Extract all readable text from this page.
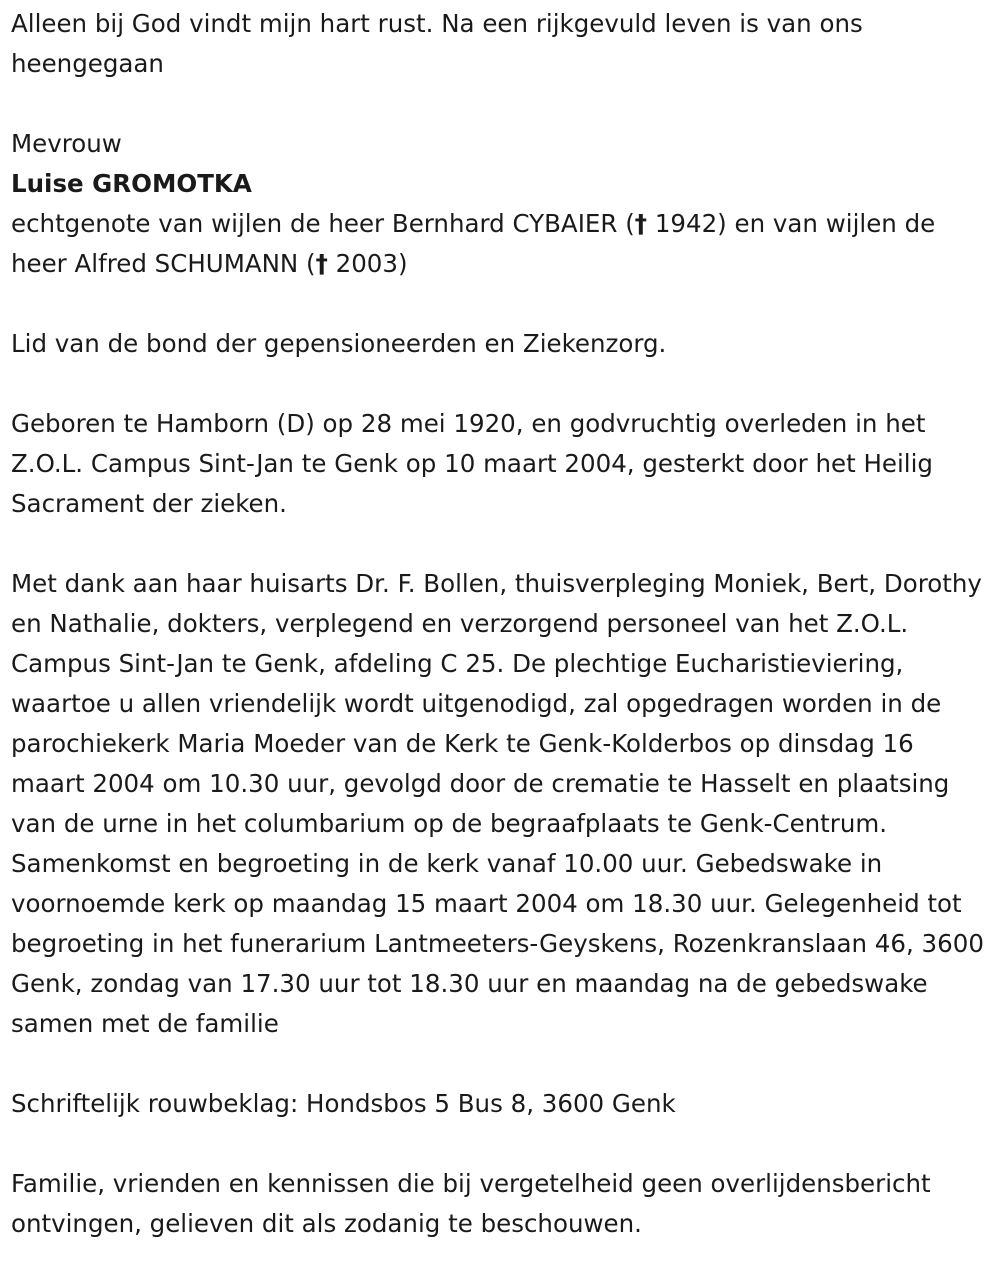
Alleen bij God vindt mijn hart rust. Na een rijkgevuld leven is van ons heengegaan

Mevrouw

Luise GROMOTKA

echtgenote van wijlen de heer Bernhard CYBAIER († 1942) en van wijlen de heer Alfred SCHUMANN († 2003)

Lid van de bond der gepensioneerden en Ziekenzorg.

Geboren te Hamborn (D) op 28 mei 1920, en godvruchtig overleden in het Z.O.L. Campus Sint-Jan te Genk op 10 maart 2004, gesterkt door het Heilig Sacrament der zieken.

Met dank aan haar huisarts Dr. F. Bollen, thuisverpleging Moniek, Bert, Dorothy en Nathalie, dokters, verplegend en verzorgend personeel van het Z.O.L. Campus Sint-Jan te Genk, afdeling C 25. De plechtige Eucharistieviering, waartoe u allen vriendelijk wordt uitgenodigd, zal opgedragen worden in de parochiekerk Maria Moeder van de Kerk te Genk-Kolderbos op dinsdag 16 maart 2004 om 10.30 uur, gevolgd door de crematie te Hasselt en plaatsing van de urne in het columbarium op de begraafplaats te Genk-Centrum. Samenkomst en begroeting in de kerk vanaf 10.00 uur. Gebedswake in voornoemde kerk op maandag 15 maart 2004 om 18.30 uur. Gelegenheid tot begroeting in het funerarium Lantmeeters-Geyskens, Rozenkranslaan 46, 3600 Genk, zondag van 17.30 uur tot 18.30 uur en maandag na de gebedswake samen met de familie

Schriftelijk rouwbeklag: Hondsbos 5 Bus 8, 3600 Genk

Familie, vrienden en kennissen die bij vergetelheid geen overlijdensbericht ontvingen, gelieven dit als zodanig te beschouwen.
